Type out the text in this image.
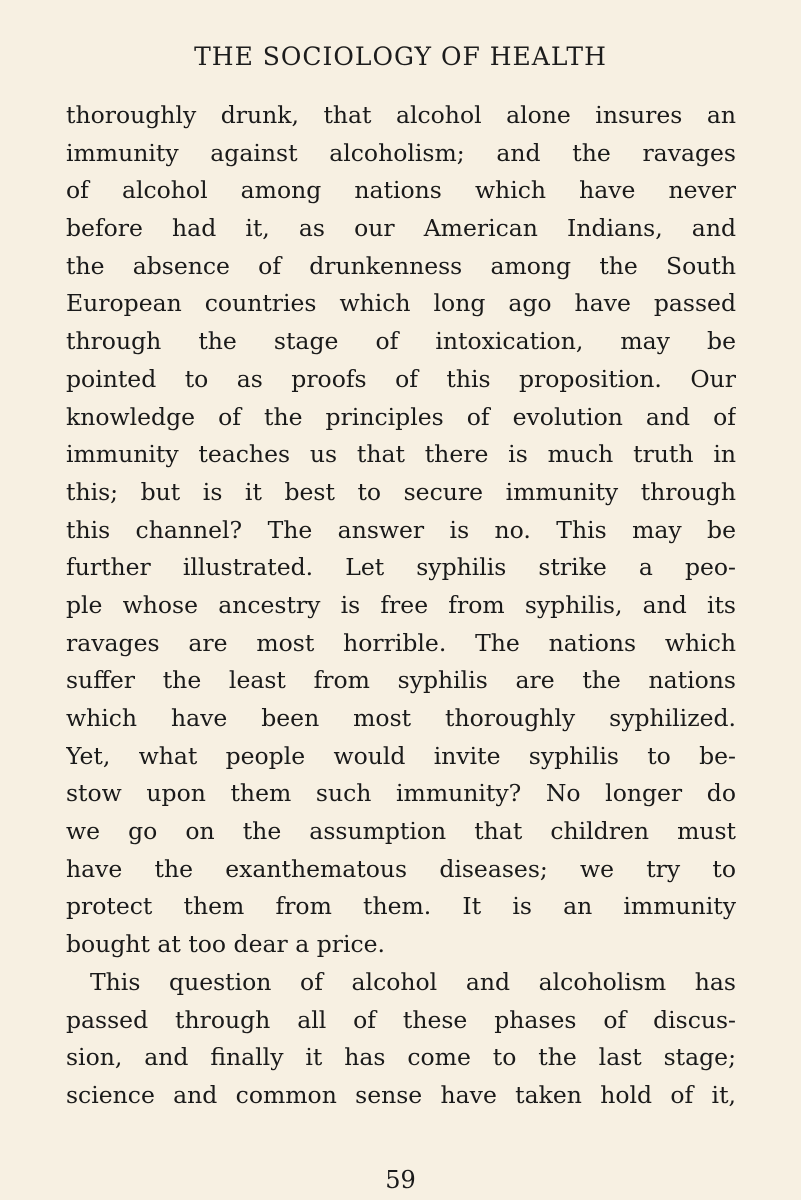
THE SOCIOLOGY OF HEALTH
thoroughly drunk, that alcohol alone insures an
immunity against alcoholism; and the ravages
of alcohol among nations which have never
before had it, as our American Indians, and
the absence of drunkenness among the South
European countries which long ago have passed
through the stage of intoxication, may be
pointed to as proofs of this proposition. Our
knowledge of the principles of evolution and of
immunity teaches us that there is much truth in
this; but is it best to secure immunity through
this channel? The answer is no. This may be
further illustrated. Let syphilis strike a peo-
ple whose ancestry is free from syphilis, and its
ravages are most horrible. The nations which
suffer the least from syphilis are the nations
which have been most thoroughly syphilized.
Yet, what people would invite syphilis to be-
stow upon them such immunity? No longer do
we go on the assumption that children must
have the exanthematous diseases; we try to
protect them from them. It is an immunity
bought at too dear a price.
This question of alcohol and alcoholism has
passed through all of these phases of discus-
sion, and finally it has come to the last stage;
science and common sense have taken hold of it,
59
